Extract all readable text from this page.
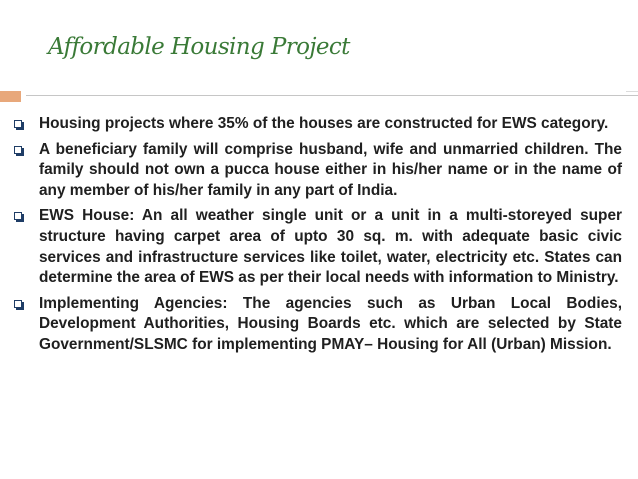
Affordable Housing Project
Housing projects where 35% of the houses are constructed for EWS category.
A beneficiary family will comprise husband, wife and unmarried children. The family should not own a pucca house either in his/her name or in the name of any member of his/her family in any part of India.
EWS House: An all weather single unit or a unit in a multi-storeyed super structure having carpet area of upto 30 sq. m. with adequate basic civic services and infrastructure services like toilet, water, electricity etc. States can determine the area of EWS as per their local needs with information to Ministry.
Implementing Agencies: The agencies such as Urban Local Bodies, Development Authorities, Housing Boards etc. which are selected by State Government/SLSMC for implementing PMAY– Housing for All (Urban) Mission.
